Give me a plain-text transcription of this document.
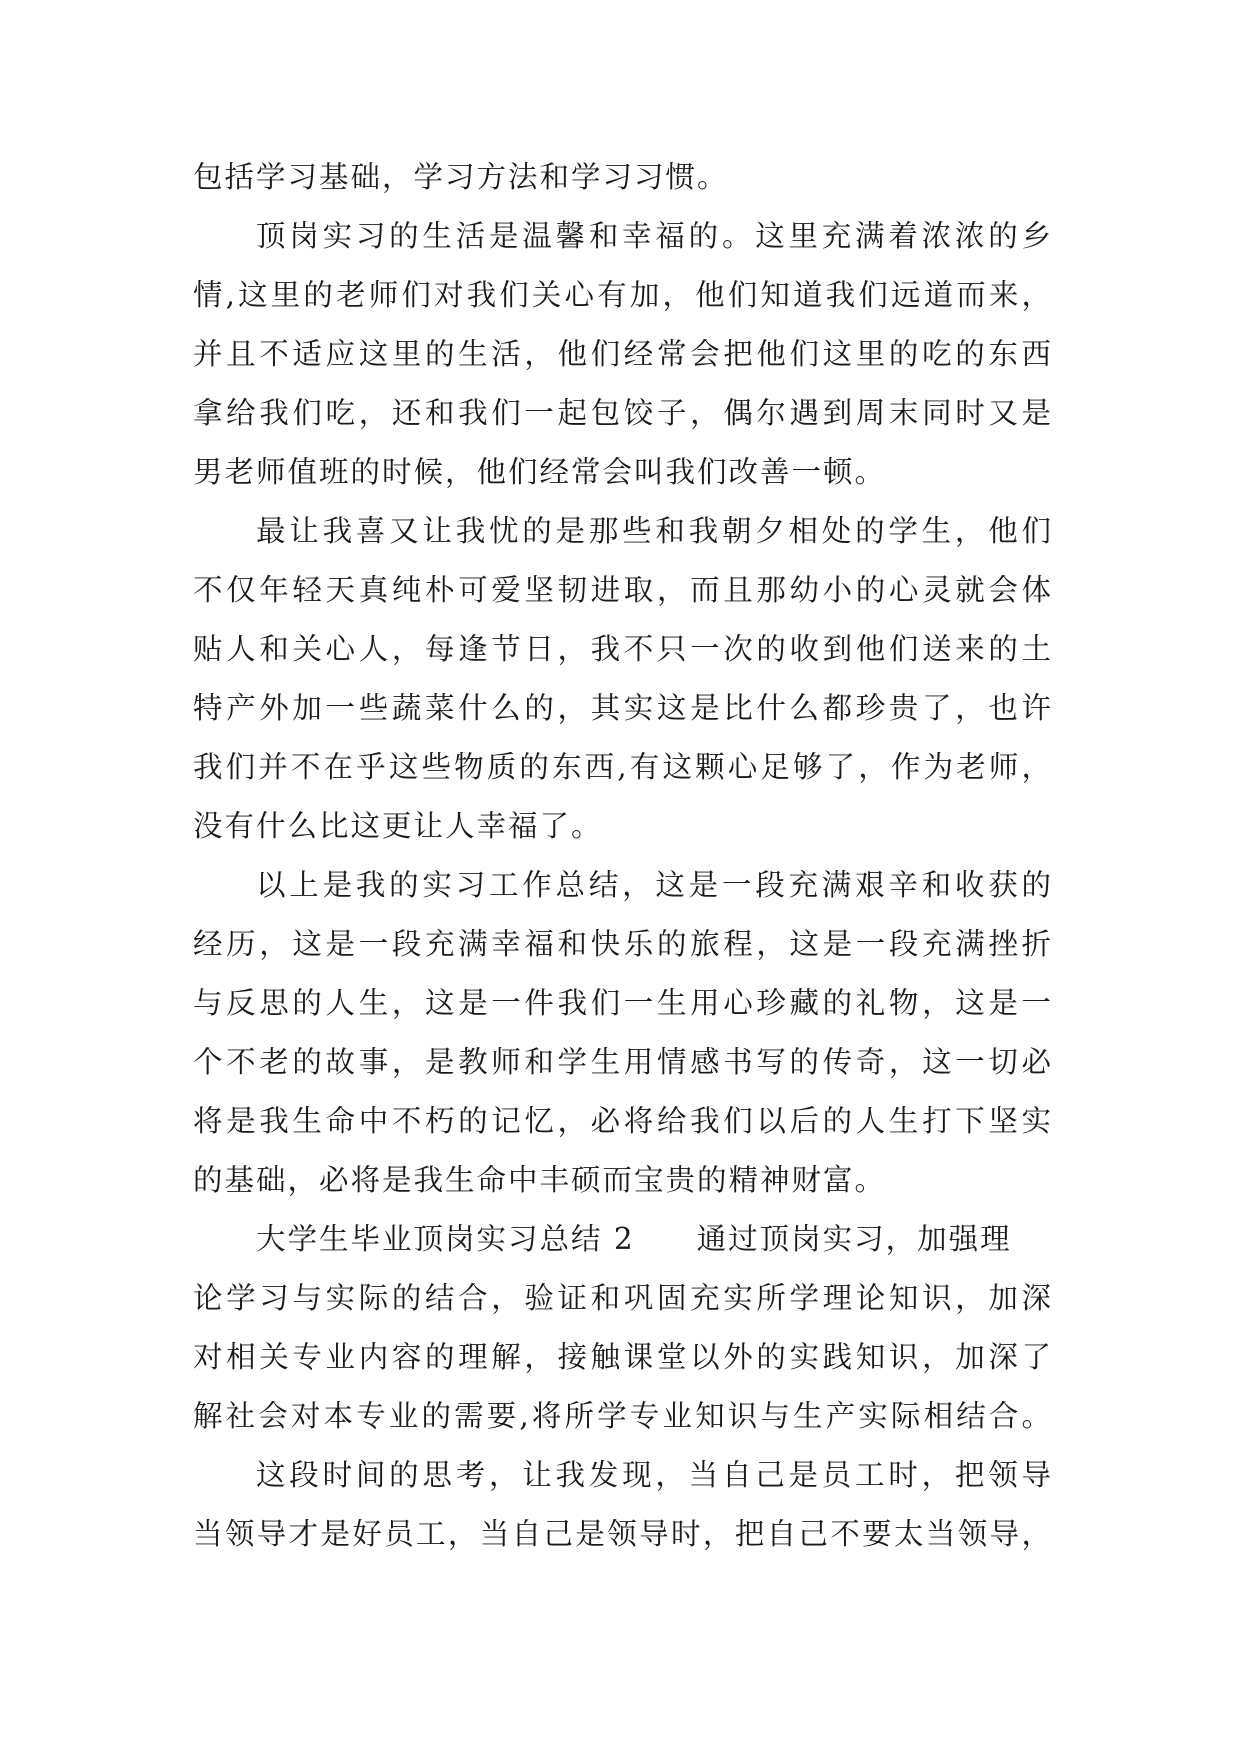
包括学习基础，学习方法和学习习惯。
顶岗实习的生活是温馨和幸福的。这里充满着浓浓的乡
情,这里的老师们对我们关心有加，他们知道我们远道而来，
并且不适应这里的生活，他们经常会把他们这里的吃的东西
拿给我们吃，还和我们一起包饺子，偶尔遇到周末同时又是
男老师值班的时候，他们经常会叫我们改善一顿。
最让我喜又让我忧的是那些和我朝夕相处的学生，他们
不仅年轻天真纯朴可爱坚韧进取，而且那幼小的心灵就会体
贴人和关心人，每逢节日，我不只一次的收到他们送来的土
特产外加一些蔬菜什么的，其实这是比什么都珍贵了，也许
我们并不在乎这些物质的东西,有这颗心足够了，作为老师，
没有什么比这更让人幸福了。
以上是我的实习工作总结，这是一段充满艰辛和收获的
经历，这是一段充满幸福和快乐的旅程，这是一段充满挫折
与反思的人生，这是一件我们一生用心珍藏的礼物，这是一
个不老的故事，是教师和学生用情感书写的传奇，这一切必
将是我生命中不朽的记忆，必将给我们以后的人生打下坚实
的基础，必将是我生命中丰硕而宝贵的精神财富。
大学生毕业顶岗实习总结 2 通过顶岗实习，加强理
论学习与实际的结合，验证和巩固充实所学理论知识，加深
对相关专业内容的理解，接触课堂以外的实践知识，加深了
解社会对本专业的需要,将所学专业知识与生产实际相结合。
这段时间的思考，让我发现，当自己是员工时，把领导
当领导才是好员工，当自己是领导时，把自己不要太当领导，
